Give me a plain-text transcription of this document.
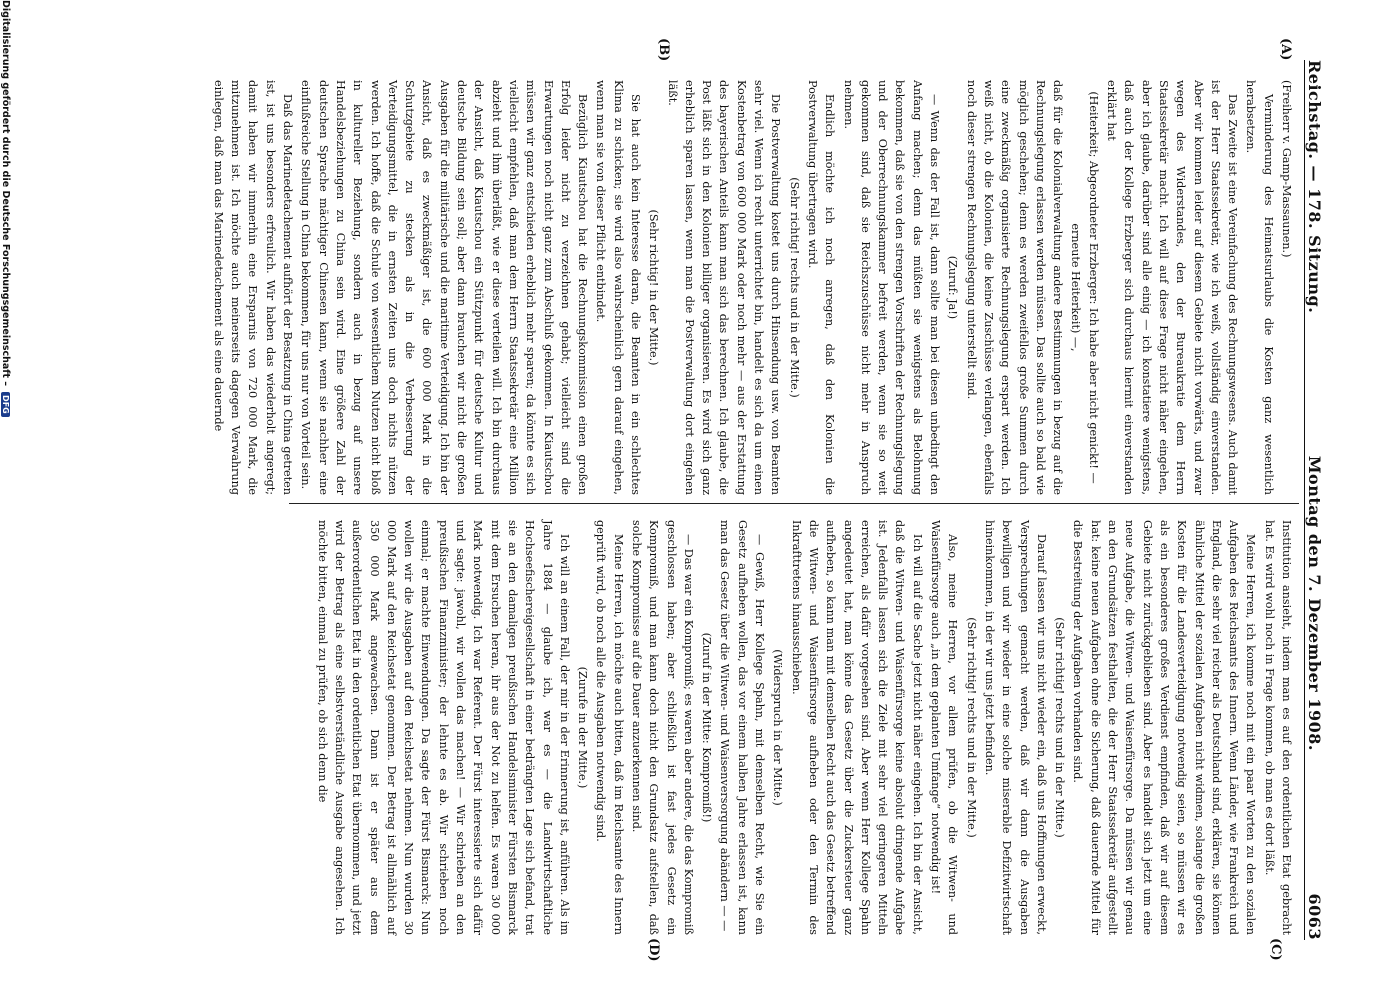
Reichstag. — 178. Sitzung.
Montag den 7. Dezember 1908.
6063
(A)
(B)
(C)
(D)

(Freiherr v. Gamp-Massaunen.)

Verminderung des Heimatsurlaubs die Kosten ganz wesentlich herabsetzen.

Das Zweite ist eine Vereinfachung des Rechnungswesens. Auch damit ist der Herr Staatssekretär, wie ich weiß, vollständig einverstanden. Aber wir kommen leider auf diesem Gebiete nicht vorwärts, und zwar wegen des Widerstandes, den der Bureaukratie dem Herrn Staatssekretär macht. Ich will auf diese Frage nicht näher eingehen, aber ich glaube, darüber sind alle einig — ich konstatiere wenigstens, daß auch der Kollege Erzberger sich durchaus hiermit einverstanden erklärt hat

(Heiterkeit; Abgeordneter Erzberger: Ich habe aber nicht genickt! — erneute Heiterkeit) —,

daß für die Kolonialverwaltung andere Bestimmungen in bezug auf die Rechnungslegung erlassen werden müssen. Das sollte auch so bald wie möglich geschehen; denn es werden zweifellos große Summen durch eine zweckmäßig organisierte Rechnungslegung erspart werden. Ich weiß nicht, ob die Kolonien, die keine Zuschüsse verlangen, ebenfalls noch dieser strengen Rechnungslegung unterstellt sind.

(Zuruf: Ja!)

— Wenn das der Fall ist, dann sollte man bei diesen unbedingt den Anfang machen; denn das müßten sie wenigstens als Belohnung bekommen, daß sie von den strengen Vorschriften der Rechnungslegung und der Oberrechnungskammer befreit werden, wenn sie so weit gekommen sind, daß sie Reichszuschüsse nicht mehr in Anspruch nehmen.

Endlich möchte ich noch anregen, daß den Kolonien die Postverwaltung übertragen wird.

(Sehr richtig! rechts und in der Mitte.)

Die Postverwaltung kostet uns durch Hinsendung usw. von Beamten sehr viel. Wenn ich recht unterrichtet bin, handelt es sich da um einen Kostenbetrag von 600 000 Mark oder noch mehr — aus der Erstattung des bayerischen Anteils kann man sich das berechnen. Ich glaube, die Post läßt sich in den Kolonien billiger organisieren. Es wird sich ganz erheblich sparen lassen, wenn man die Postverwaltung dort eingehen läßt.

(Sehr richtig! in der Mitte.)

Sie hat auch kein Interesse daran, die Beamten in ein schlechtes Klima zu schicken; sie wird also wahrscheinlich gern darauf eingehen, wenn man sie von dieser Pflicht entbindet.

Bezüglich Kiautschou hat die Rechnungskommission einen großen Erfolg leider nicht zu verzeichnen gehabt; vielleicht sind die Erwartungen noch nicht ganz zum Abschluß gekommen. In Kiautschou müssen wir ganz entschieden erheblich mehr sparen; da könnte es sich vielleicht empfehlen, daß man dem Herrn Staatssekretär eine Million abzieht und ihm überläßt, wie er diese verteilen will. Ich bin durchaus der Ansicht, daß Kiautschou ein Stützpunkt für deutsche Kultur und deutsche Bildung sein soll; aber dann brauchen wir nicht die großen Ausgaben für die militärische und die maritime Verteidigung. Ich bin der Ansicht, daß es zweckmäßiger ist, die 600 000 Mark in die Schutzgebiete zu stecken als in die Verbesserung der Verteidigungsmittel, die in ernsten Zeiten uns doch nichts nützen werden. Ich hoffe, daß die Schule von wesentlichem Nutzen nicht bloß in kultureller Beziehung, sondern auch in bezug auf unsere Handelsbeziehungen zu China sein wird. Eine größere Zahl der deutschen Sprache mächtiger Chinesen kann, wenn sie nachher eine einflußreiche Stellung in China bekommen, für uns nur von Vorteil sein.

Daß das Marinedetachement aufhört der Besatzung in China getreten ist, ist uns besonders erfreulich. Wir haben das wiederholt angeregt; damit haben wir immerhin eine Ersparnis von 720 000 Mark, die mitzunehmen ist. Ich möchte auch meinerseits dagegen Verwahrung einlegen, daß man das Marinedetachement als eine dauernde

Institution ansieht, indem man es auf den ordentlichen Etat gebracht hat. Es wird wohl noch in Frage kommen, ob man es dort läßt.

Meine Herren, ich komme noch mit ein paar Worten zu den sozialen Aufgaben des Reichsamts des Innern. Wenn Länder, wie Frankreich und England, die sehr viel reicher als Deutschland sind, erklären, sie können ähnliche Mittel der sozialen Aufgaben nicht widmen, solange die großen Kosten für die Landesverteidigung notwendig seien, so müssen wir es als ein besonderes großes Verdienst empfinden, daß wir auf diesem Gebiete nicht zurückgeblieben sind. Aber es handelt sich jetzt um eine neue Aufgabe, die Witwen- und Waisenfürsorge. Da müssen wir genau an den Grundsätzen festhalten, die der Herr Staatssekretär aufgestellt hat: keine neuen Aufgaben ohne die Sicherung, daß dauernde Mittel für die Bestreitung der Aufgaben vorhanden sind.

(Sehr richtig! rechts und in der Mitte.)

Darauf lassen wir uns nicht wieder ein, daß uns Hoffnungen erweckt, Versprechungen gemacht werden, daß wir dann die Ausgaben bewilligen und wir wieder in eine solche miserable Defizitwirtschaft hineinkommen, in der wir uns jetzt befinden.

(Sehr richtig! rechts und in der Mitte.)

Also, meine Herren, vor allem prüfen, ob die Witwen- und Waisenfürsorge auch „in dem geplanten Umfange“ notwendig ist!

Ich will auf die Sache jetzt nicht näher eingehen. Ich bin der Ansicht, daß die Witwen- und Waisenfürsorge keine absolut dringende Aufgabe ist. Jedenfalls lassen sich die Ziele mit sehr viel geringeren Mitteln erreichen, als dafür vorgesehen sind. Aber wenn Herr Kollege Spahn angedeutet hat, man könne das Gesetz über die Zuckersteuer ganz aufheben, so kann man mit demselben Recht auch das Gesetz betreffend die Witwen- und Waisenfürsorge aufheben oder den Termin des Inkrafttretens hinausschieben.

(Widerspruch in der Mitte.)

— Gewiß, Herr Kollege Spahn, mit demselben Recht, wie Sie ein Gesetz aufheben wollen, das vor einem halben Jahre erlassen ist, kann man das Gesetz über die Witwen- und Waisenversorgung abändern — —

(Zuruf in der Mitte: Kompromiß!)

— Das war ein Kompromiß; es waren aber andere, die das Kompromiß geschlossen haben; aber schließlich ist fast jedes Gesetz ein Kompromiß, und man kann doch nicht den Grundsatz aufstellen, daß solche Kompromisse auf die Dauer anzuerkennen sind.

Meine Herren, ich möchte auch bitten, daß im Reichsamte des Innern geprüft wird, ob noch alle die Ausgaben notwendig sind.

(Zurufe in der Mitte.)

Ich will an einem Fall, der mir in der Erinnerung ist, anführen. Als im Jahre 1884 — glaube ich, war es — die Landwirtschaftliche Hochseefischereigesellschaft in einer bedrängten Lage sich befand, trat sie an den damaligen preußischen Handelsminister Fürsten Bismarck mit dem Ersuchen heran, ihr aus der Not zu helfen. Es waren 30 000 Mark notwendig. Ich war Referent. Der Fürst interessierte sich dafür und sagte: jawohl, wir wollen das machen! — Wir schrieben an den preußischen Finanzminister; der lehnte es ab. Wir schrieben noch einmal; er machte Einwendungen. Da sagte der Fürst Bismarck: Nun wollen wir die Ausgaben auf den Reichsetat nehmen. Nun wurden 30 000 Mark auf den Reichsetat genommen. Der Betrag ist allmählich auf 350 000 Mark angewachsen. Dann ist er später aus dem außerordentlichen Etat in den ordentlichen Etat übernommen, und jetzt wird der Betrag als eine selbstverständliche Ausgabe angesehen. Ich möchte bitten, einmal zu prüfen, ob sich denn die

Digitalisierung gefördert durch die Deutsche Forschungsgemeinschaft –
DFG
